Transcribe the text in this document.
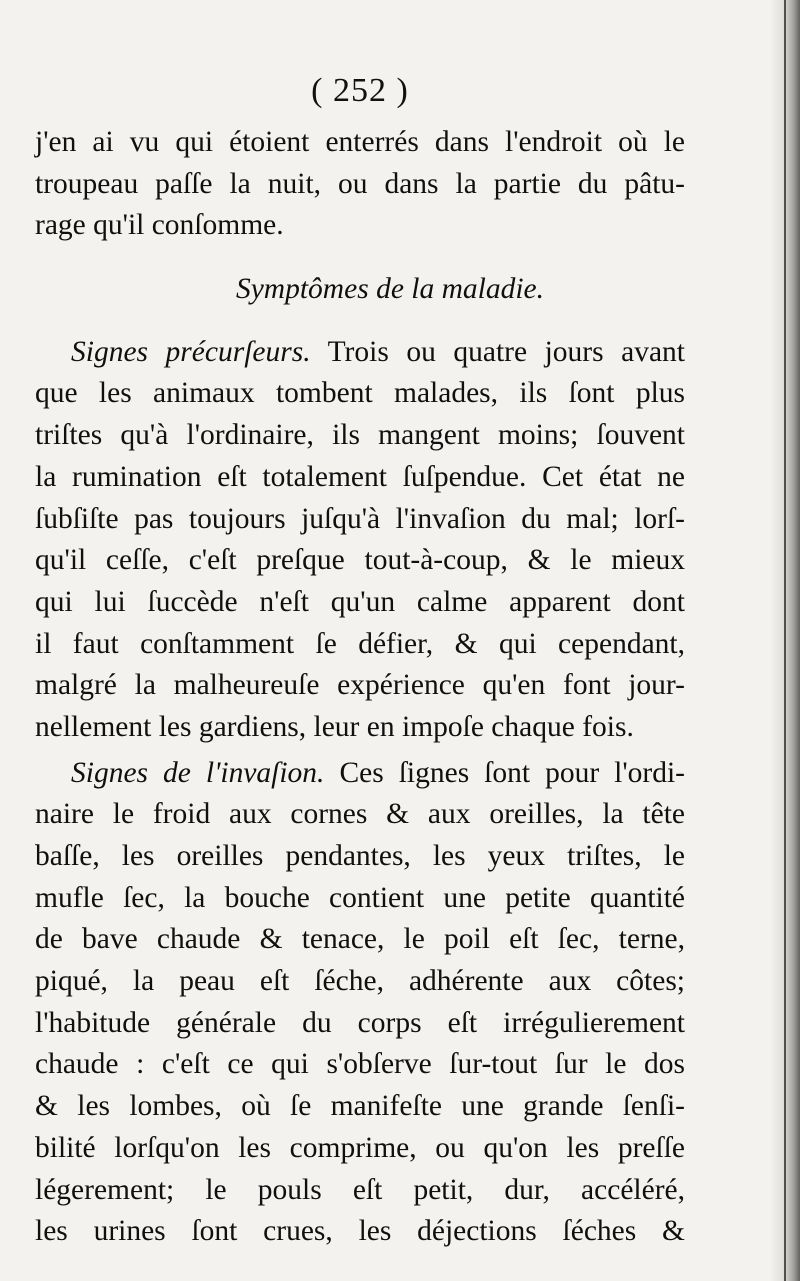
( 252 )
j'en ai vu qui étoient enterrés dans l'endroit où le
troupeau paſſe la nuit, ou dans la partie du pâtu-
rage qu'il conſomme.
Symptômes de la maladie.
Signes précurſeurs. Trois ou quatre jours avant
que les animaux tombent malades, ils ſont plus
triſtes qu'à l'ordinaire, ils mangent moins; ſouvent
la rumination eſt totalement ſuſpendue. Cet état ne
ſubſiſte pas toujours juſqu'à l'invaſion du mal; lorſ-
qu'il ceſſe, c'eſt preſque tout-à-coup, & le mieux
qui lui ſuccède n'eſt qu'un calme apparent dont
il faut conſtamment ſe défier, & qui cependant,
malgré la malheureuſe expérience qu'en font jour-
nellement les gardiens, leur en impoſe chaque fois.
Signes de l'invaſion. Ces ſignes ſont pour l'ordi-
naire le froid aux cornes & aux oreilles, la tête
baſſe, les oreilles pendantes, les yeux triſtes, le
mufle ſec, la bouche contient une petite quantité
de bave chaude & tenace, le poil eſt ſec, terne,
piqué, la peau eſt ſéche, adhérente aux côtes;
l'habitude générale du corps eſt irrégulierement
chaude : c'eſt ce qui s'obſerve ſur-tout ſur le dos
& les lombes, où ſe manifeſte une grande ſenſi-
bilité lorſqu'on les comprime, ou qu'on les preſſe
légerement; le pouls eſt petit, dur, accéléré,
les urines ſont crues, les déjections ſéches &
